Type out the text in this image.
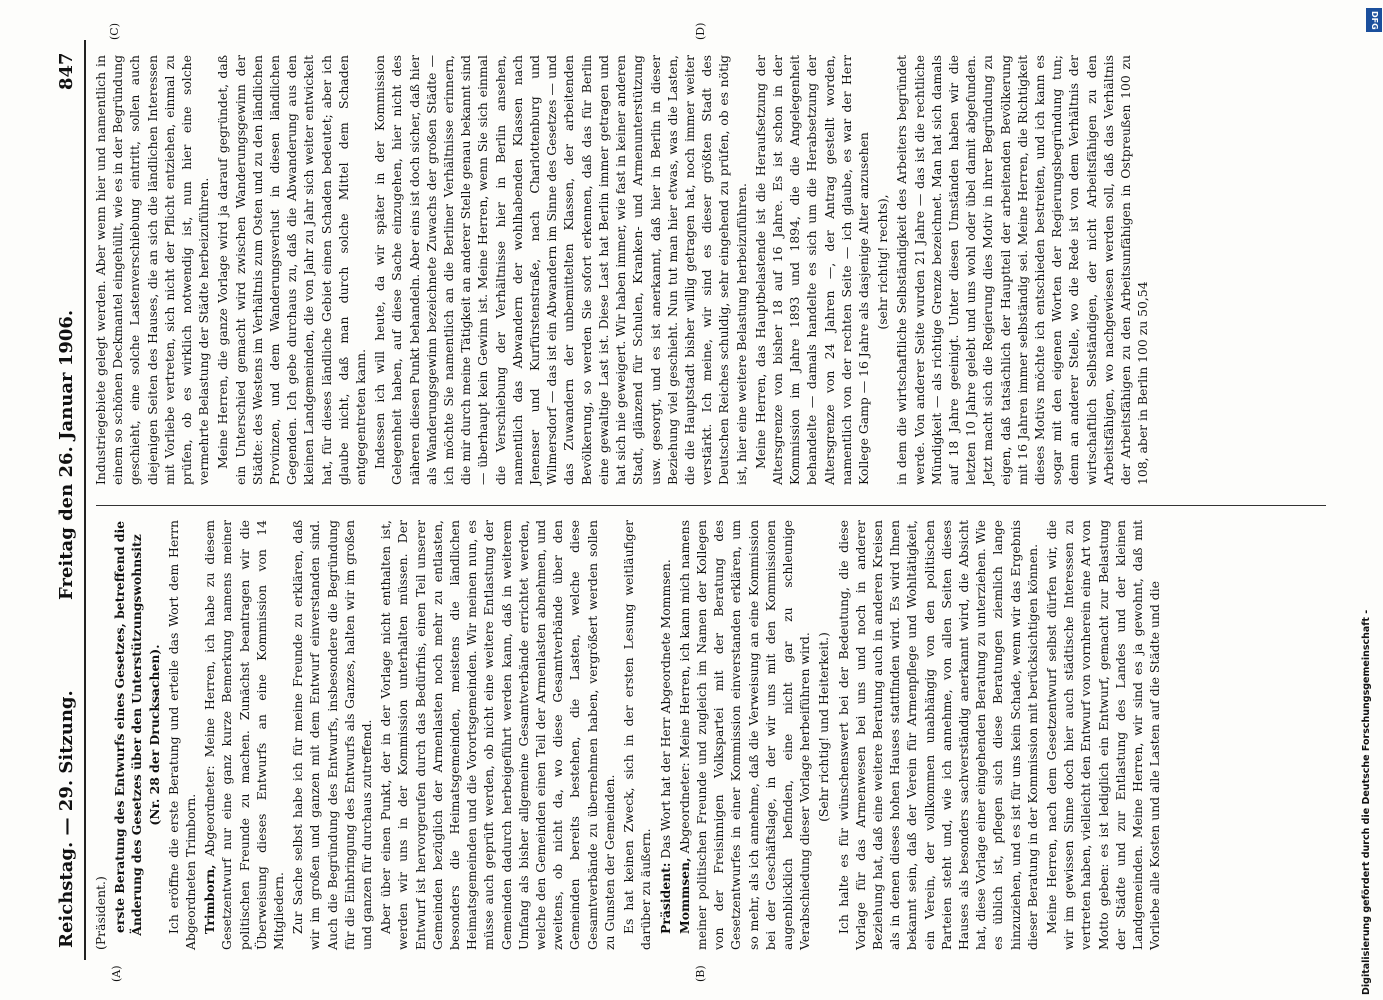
Reichstag. — 29. Sitzung.
Freitag den 26. Januar 1906.
847
(A)	(B)
(C)	(D)

(Präsident.) erste Beratung des Entwurfs eines Gesetzes, betreffend die Änderung des Gesetzes über den Unterstützungswohnsitz (Nr. 28 der Drucksachen). Ich eröffne die erste Beratung und erteile das Wort dem Herrn Abgeordneten Trimborn. Trimborn, Abgeordneter: Meine Herren, ich habe zu diesem Gesetzentwurf nur eine ganz kurze Bemerkung namens meiner politischen Freunde zu machen. Zunächst beantragen wir die Überweisung dieses Entwurfs an eine Kommission von 14 Mitgliedern. Zur Sache selbst habe ich für meine Freunde zu erklären, daß wir im großen und ganzen mit dem Entwurf einverstanden sind. Auch die Begründung des Entwurfs, insbesondere die Begründung für die Einbringung des Entwurfs als Ganzes, halten wir im großen und ganzen für durchaus zutreffend. Aber über einen Punkt, der in der Vorlage nicht enthalten ist, werden wir uns in der Kommission unterhalten müssen. Der Entwurf ist hervorgerufen durch das Bedürfnis, einen Teil unserer Gemeinden bezüglich der Armenlasten noch mehr zu entlasten, besonders die Heimatsgemeinden, meistens die ländlichen Heimatsgemeinden und die Vorortsgemeinden. Wir meinen nun, es müsse auch geprüft werden, ob nicht eine weitere Entlastung der Gemeinden dadurch herbeigeführt werden kann, daß in weiterem Umfang als bisher allgemeine Gesamtverbände errichtet werden, welche den Gemeinden einen Teil der Armenlasten abnehmen, und zweitens, ob nicht da, wo diese Gesamtverbände über den Gemeinden bereits bestehen, die Lasten, welche diese Gesamtverbände zu übernehmen haben, vergrößert werden sollen zu Gunsten der Gemeinden. Es hat keinen Zweck, sich in der ersten Lesung weitläufiger darüber zu äußern. Präsident: Das Wort hat der Herr Abgeordnete Mommsen.

Mommsen, Abgeordneter: Meine Herren, ich kann mich namens meiner politischen Freunde und zugleich im Namen der Kollegen von der Freisinnigen Volkspartei mit der Beratung des Gesetzentwurfes in einer Kommission einverstanden erklären, um so mehr, als ich annehme, daß die Verweisung an eine Kommission bei der Geschäftslage, in der wir uns mit den Kommissionen augenblicklich befinden, eine nicht gar zu schleunige Verabschiedung dieser Vorlage herbeiführen wird. (Sehr richtig! und Heiterkeit.) Ich halte es für wünschenswert bei der Bedeutung, die diese Vorlage für das Armenwesen bei uns und noch in anderer Beziehung hat, daß eine weitere Beratung auch in anderen Kreisen als in denen dieses hohen Hauses stattfinden wird. Es wird Ihnen bekannt sein, daß der Verein für Armenpflege und Wohltätigkeit, ein Verein, der vollkommen unabhängig von den politischen Parteien steht und, wie ich annehme, von allen Seiten dieses Hauses als besonders sachverständig anerkannt wird, die Absicht hat, diese Vorlage einer eingehenden Beratung zu unterziehen. Wie es üblich ist, pflegen sich diese Beratungen ziemlich lange hinzuziehen, und es ist für uns kein Schade, wenn wir das Ergebnis dieser Beratung in der Kommission mit berücksichtigen können. Meine Herren, nach dem Gesetzentwurf selbst dürfen wir, die wir im gewissen Sinne doch hier auch städtische Interessen zu vertreten haben, vielleicht den Entwurf von vornherein eine Art von Motto geben: es ist lediglich ein Entwurf, gemacht zur Belastung der Städte und zur Entlastung des Landes und der kleinen Landgemeinden. Meine Herren, wir sind es ja gewohnt, daß mit Vorliebe alle Kosten und alle Lasten auf die Städte und die

Industriegebiete gelegt werden. Aber wenn hier und namentlich in einem so schönen Deckmantel eingehüllt, wie es in der Begründung geschieht, eine solche Lastenverschiebung eintritt, sollen auch diejenigen Seiten des Hauses, die an sich die ländlichen Interessen mit Vorliebe vertreten, sich nicht der Pflicht entziehen, einmal zu prüfen, ob es wirklich notwendig ist, nun hier eine solche vermehrte Belastung der Städte herbeizuführen. Meine Herren, die ganze Vorlage wird ja darauf gegründet, daß ein Unterschied gemacht wird zwischen Wanderungsgewinn der Städte: des Westens im Verhältnis zum Osten und zu den ländlichen Provinzen, und dem Wanderungsverlust in diesen ländlichen Gegenden. Ich gebe durchaus zu, daß die Abwanderung aus den kleinen Landgemeinden, die von Jahr zu Jahr sich weiter entwickelt hat, für dieses ländliche Gebiet einen Schaden bedeutet; aber ich glaube nicht, daß man durch solche Mittel dem Schaden entgegentreten kann. Indessen ich will heute, da wir später in der Kommission Gelegenheit haben, auf diese Sache einzugehen, hier nicht des näheren diesen Punkt behandeln. Aber eins ist doch sicher, daß hier als Wanderungsgewinn bezeichnete Zuwachs der großen Städte — ich möchte Sie namentlich an die Berliner Verhältnisse erinnern, die mir durch meine Tätigkeit an anderer Stelle genau bekannt sind — überhaupt kein Gewinn ist. Meine Herren, wenn Sie sich einmal die Verschiebung der Verhältnisse hier in Berlin ansehen, namentlich das Abwandern der wohlhabenden Klassen nach Jenenser und Kurfürstenstraße, nach Charlottenburg und Wilmersdorf — das ist ein Abwandern im Sinne des Gesetzes — und das Zuwandern der unbemittelten Klassen, der arbeitenden Bevölkerung, so werden Sie sofort erkennen, daß das für Berlin eine gewaltige Last ist. Diese Last hat Berlin immer getragen und hat sich nie geweigert. Wir haben immer, wie fast in keiner anderen Stadt, glänzend für Schulen, Kranken- und Armenunterstützung usw. gesorgt, und es ist anerkannt, daß hier in Berlin in dieser Beziehung viel geschieht. Nun tut man hier etwas, was die Lasten, die die Hauptstadt bisher willig getragen hat, noch immer weiter verstärkt. Ich meine, wir sind es dieser größten Stadt des Deutschen Reiches schuldig, sehr eingehend zu prüfen, ob es nötig ist, hier eine weitere Belastung herbeizuführen. Meine Herren, das Hauptbelastende ist die Heraufsetzung der Altersgrenze von bisher 18 auf 16 Jahre. Es ist schon in der Kommission im Jahre 1893 und 1894, die die Angelegenheit behandelte — damals handelte es sich um die Herabsetzung der Altersgrenze von 24 Jahren —, der Antrag gestellt worden, namentlich von der rechten Seite — ich glaube, es war der Herr Kollege Gamp — 16 Jahre als dasjenige Alter anzusehen (sehr richtig! rechts), in dem die wirtschaftliche Selbständigkeit des Arbeiters begründet werde. Von anderer Seite wurden 21 Jahre — das ist die rechtliche Mündigkeit — als richtige Grenze bezeichnet. Man hat sich damals auf 18 Jahre geeinigt. Unter diesen Umständen haben wir die letzten 10 Jahre gelebt und uns wohl oder übel damit abgefunden. Jetzt macht sich die Regierung dies Motiv in ihrer Begründung zu eigen, daß tatsächlich der Hauptteil der arbeitenden Bevölkerung mit 16 Jahren immer selbständig sei. Meine Herren, die Richtigkeit dieses Motivs möchte ich entschieden bestreiten, und ich kann es sogar mit den eigenen Worten der Regierungsbegründung tun; denn an anderer Stelle, wo die Rede ist von dem Verhältnis der wirtschaftlich Selbständigen, der nicht Arbeitsfähigen zu den Arbeitsfähigen, wo nachgewiesen werden soll, daß das Verhältnis der Arbeitsfähigen zu den Arbeitsunfähigen in Ostpreußen 100 zu 108, aber in Berlin 100 zu 50,54

DFG
Digitalisierung gefördert durch die Deutsche Forschungsgemeinschaft -
